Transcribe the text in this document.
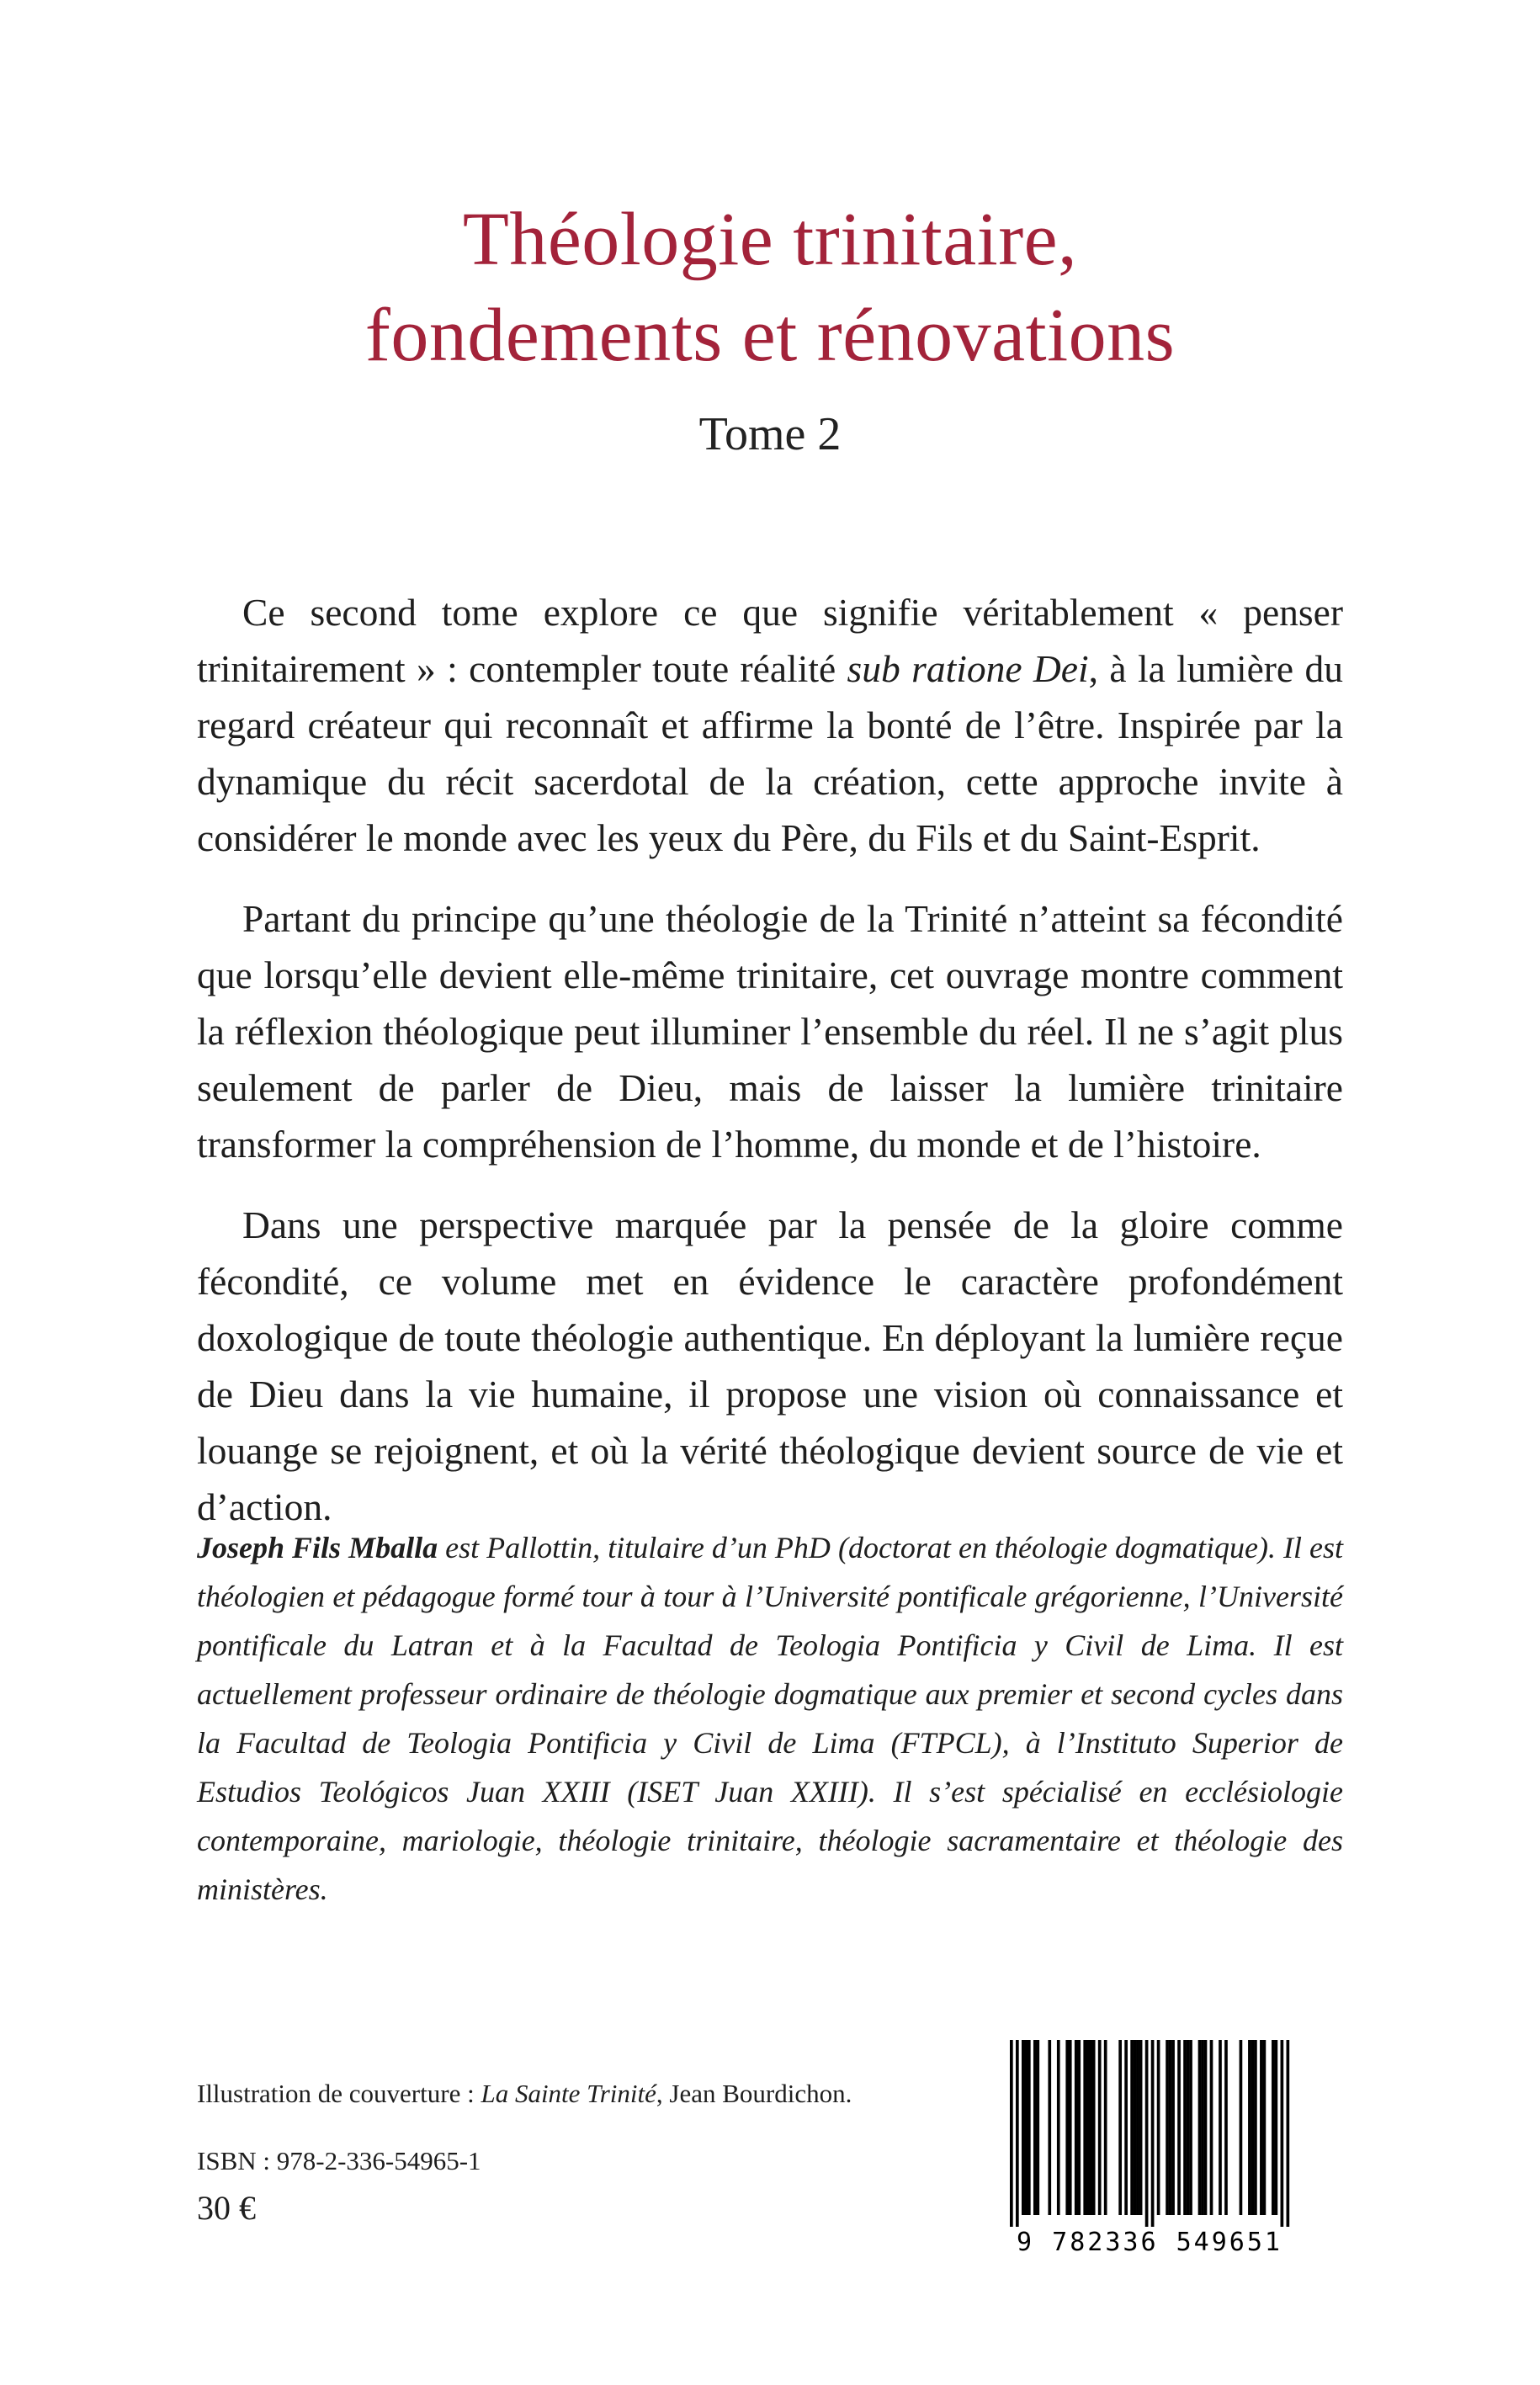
Théologie trinitaire,
fondements et rénovations
Tome 2

Ce second tome explore ce que signifie véritablement « penser trinitairement » : contempler toute réalité sub ratione Dei, à la lumière du regard créateur qui reconnaît et affirme la bonté de l’être. Inspirée par la dynamique du récit sacerdotal de la création, cette approche invite à considérer le monde avec les yeux du Père, du Fils et du Saint-Esprit.

Partant du principe qu’une théologie de la Trinité n’atteint sa fécondité que lorsqu’elle devient elle-même trinitaire, cet ouvrage montre comment la réflexion théologique peut illuminer l’ensemble du réel. Il ne s’agit plus seulement de parler de Dieu, mais de laisser la lumière trinitaire transformer la compréhension de l’homme, du monde et de l’histoire.

Dans une perspective marquée par la pensée de la gloire comme fécondité, ce volume met en évidence le caractère profondément doxologique de toute théologie authentique. En déployant la lumière reçue de Dieu dans la vie humaine, il propose une vision où connaissance et louange se rejoignent, et où la vérité théologique devient source de vie et d’action.

Joseph Fils Mballa est Pallottin, titulaire d’un PhD (doctorat en théologie dogmatique). Il est théologien et pédagogue formé tour à tour à l’Université pontificale grégorienne, l’Université pontificale du Latran et à la Facultad de Teologia Pontificia y Civil de Lima. Il est actuellement professeur ordinaire de théologie dogmatique aux premier et second cycles dans la Facultad de Teologia Pontificia y Civil de Lima (FTPCL), à l’Instituto Superior de Estudios Teológicos Juan XXIII (ISET Juan XXIII). Il s’est spécialisé en ecclésiologie contemporaine, mariologie, théologie trinitaire, théologie sacramentaire et théologie des ministères.
Illustration de couverture : La Sainte Trinité, Jean Bourdichon.
ISBN : 978-2-336-54965-1
30 €
9 782336 549651
